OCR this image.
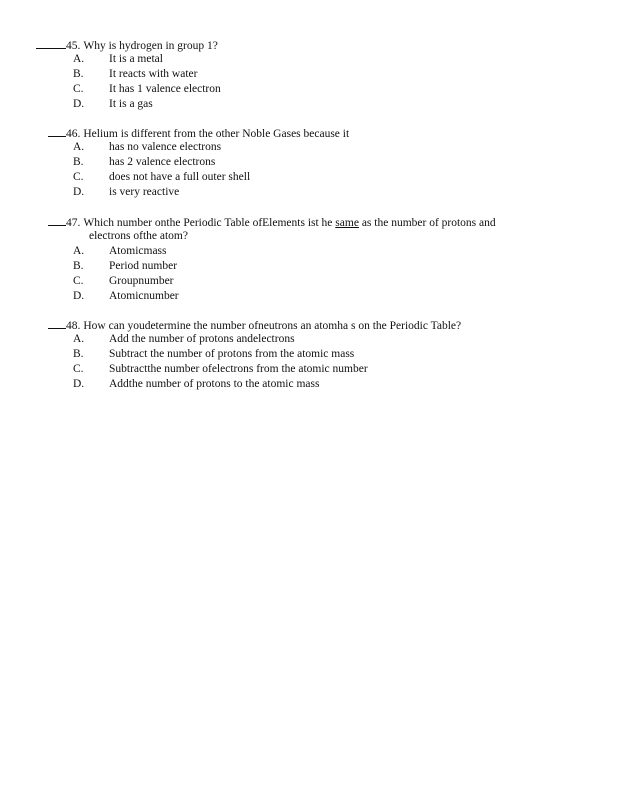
45. Why is hydrogen in group 1?
A.	It is a metal
B.	It reacts with water
C.	It has 1 valence electron
D.	It is a gas
46. Helium is different from the other Noble Gases because it
A.	has no valence electrons
B.	has 2 valence electrons
C.	does not have a full outer shell
D.	is very reactive
47. Which number onthe Periodic Table ofElements ist he same as the number of protons and
electrons ofthe atom?
A.	Atomicmass
B.	Period number
C.	Groupnumber
D.	Atomicnumber
48. How can youdetermine the number ofneutrons an atomha s on the Periodic Table?
A.	Add the number of protons andelectrons
B.	Subtract the number of protons from the atomic mass
C.	Subtractthe number ofelectrons from the atomic number
D.	Addthe number of protons to the atomic mass
